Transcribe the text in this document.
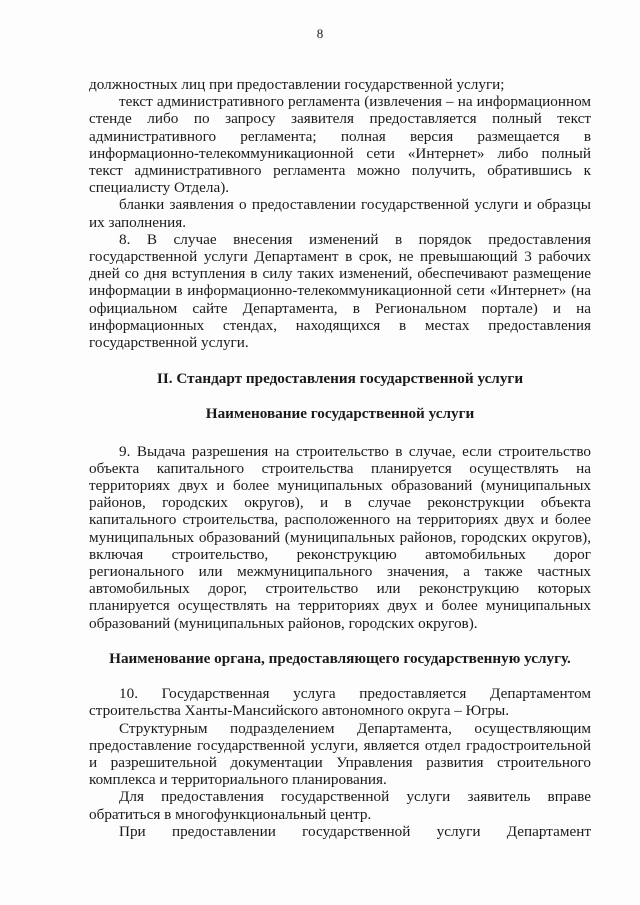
8

должностных лиц при предоставлении государственной услуги;

текст административного регламента (извлечения – на информационном стенде либо по запросу заявителя предоставляется полный текст административного регламента; полная версия размещается в информационно-телекоммуникационной сети «Интернет» либо полный текст административного регламента можно получить, обратившись к специалисту Отдела).

бланки заявления о предоставлении государственной услуги и образцы их заполнения.

8. В случае внесения изменений в порядок предоставления государственной услуги Департамент в срок, не превышающий 3 рабочих дней со дня вступления в силу таких изменений, обеспечивают размещение информации в информационно-телекоммуникационной сети «Интернет» (на официальном сайте Департамента, в Региональном портале) и на информационных стендах, находящихся в местах предоставления государственной услуги.

II. Стандарт предоставления государственной услуги

Наименование государственной услуги

9. Выдача разрешения на строительство в случае, если строительство объекта капитального строительства планируется осуществлять на территориях двух и более муниципальных образований (муниципальных районов, городских округов), и в случае реконструкции объекта капитального строительства, расположенного на территориях двух и более муниципальных образований (муниципальных районов, городских округов), включая строительство, реконструкцию автомобильных дорог регионального или межмуниципального значения, а также частных автомобильных дорог, строительство или реконструкцию которых планируется осуществлять на территориях двух и более муниципальных образований (муниципальных районов, городских округов).

Наименование органа, предоставляющего государственную услугу.

10. Государственная услуга предоставляется Департаментом строительства Ханты-Мансийского автономного округа – Югры.

Структурным подразделением Департамента, осуществляющим предоставление государственной услуги, является отдел градостроительной и разрешительной документации Управления развития строительного комплекса и территориального планирования.

Для предоставления государственной услуги заявитель вправе обратиться в многофункциональный центр.

При предоставлении государственной услуги Департамент
